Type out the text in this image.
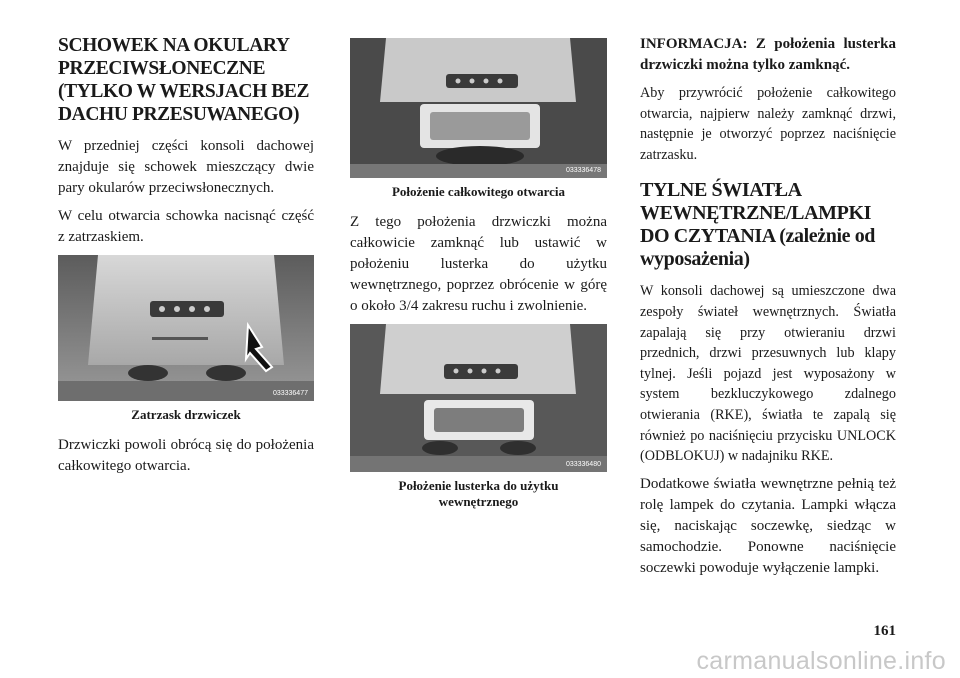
SCHOWEK NA OKULARY PRZECIWSŁONECZNE (TYLKO W WERSJACH BEZ DACHU PRZESUWANEGO)

W przedniej części konsoli dachowej znajduje się schowek mieszczący dwie pary okularów przeciwsłonecznych.

W celu otwarcia schowka nacisnąć część z zatrzaskiem.

033336477
Zatrzask drzwiczek

Drzwiczki powoli obrócą się do położenia całkowitego otwarcia.

033336478
Położenie całkowitego otwarcia

Z tego położenia drzwiczki można całkowicie zamknąć lub ustawić w położeniu lusterka do użytku wewnętrznego, poprzez obrócenie w górę o około 3/4 zakresu ruchu i zwolnienie.

033336480
Położenie lusterka do użytku wewnętrznego

INFORMACJA: Z położenia lusterka drzwiczki można tylko zamknąć.

Aby przywrócić położenie całkowitego otwarcia, najpierw należy zamknąć drzwi, następnie je otworzyć poprzez naciśnięcie zatrzasku.

TYLNE ŚWIATŁA WEWNĘTRZNE/LAMPKI DO CZYTANIA (zależnie od wyposażenia)

W konsoli dachowej są umieszczone dwa zespoły świateł wewnętrznych. Światła zapalają się przy otwieraniu drzwi przednich, drzwi przesuwnych lub klapy tylnej. Jeśli pojazd jest wyposażony w system bezkluczykowego zdalnego otwierania (RKE), światła te zapalą się również po naciśnięciu przycisku UNLOCK (ODBLOKUJ) w nadajniku RKE.

Dodatkowe światła wewnętrzne pełnią też rolę lampek do czytania. Lampki włącza się, naciskając soczewkę, siedząc w samochodzie. Ponowne naciśnięcie soczewki powoduje wyłączenie lampki.

161
carmanualsonline.info
